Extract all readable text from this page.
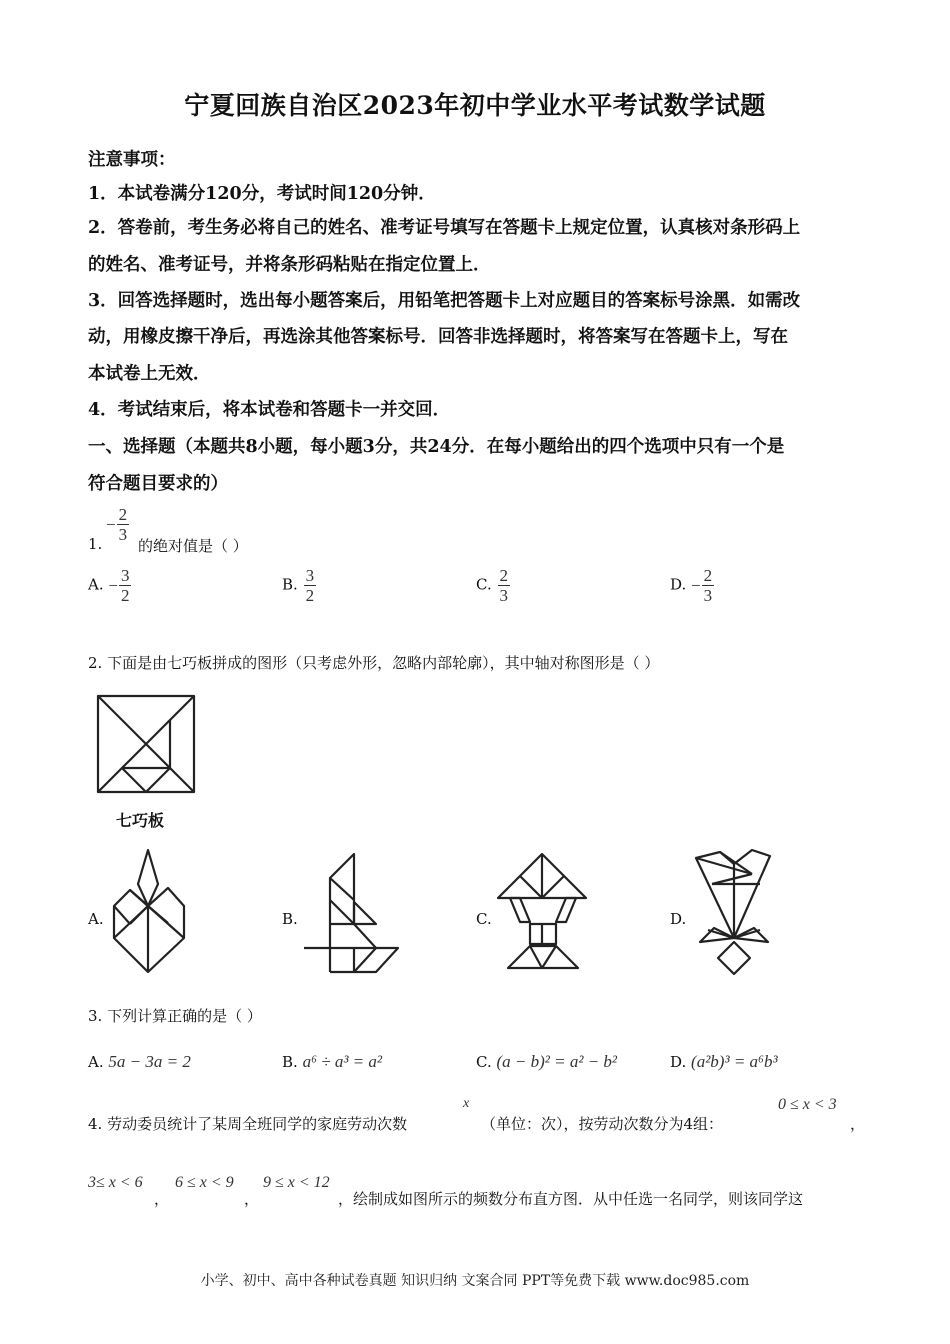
宁夏回族自治区2023年初中学业水平考试数学试题
注意事项：
1．本试卷满分120分，考试时间120分钟．
2．答卷前，考生务必将自己的姓名、准考证号填写在答题卡上规定位置，认真核对条形码上
的姓名、准考证号，并将条形码粘贴在指定位置上．
3．回答选择题时，选出每小题答案后，用铅笔把答题卡上对应题目的答案标号涂黑．如需改
动，用橡皮擦干净后，再选涂其他答案标号．回答非选择题时，将答案写在答题卡上，写在
本试卷上无效．
4．考试结束后，将本试卷和答题卡一并交回．
一、选择题（本题共8小题，每小题3分，共24分．在每小题给出的四个选项中只有一个是
符合题目要求的）
1.
− $\frac{2}{3}$
的绝对值是（ ）
A. − $\frac{3}{2}$	B. $\frac{3}{2}$	C. $\frac{2}{3}$	D. − $\frac{2}{3}$
2. 下面是由七巧板拼成的图形（只考虑外形，忽略内部轮廓），其中轴对称图形是（ ）
七巧板
A.	B.	C.	D.
3. 下列计算正确的是（ ）
A. 5a − 3a = 2	B. a⁶ ÷ a³ = a²	C. (a − b)² = a² − b²	D. (a²b)³ = a⁶b³
4. 劳动委员统计了某周全班同学的家庭劳动次数
x
（单位：次），按劳动次数分为4组：
0 ≤ x < 3
，
3≤ x < 6
，
6 ≤ x < 9
，
9 ≤ x < 12
，绘制成如图所示的频数分布直方图．从中任选一名同学，则该同学这
小学、初中、高中各种试卷真题 知识归纳 文案合同 PPT等免费下载 www.doc985.com
